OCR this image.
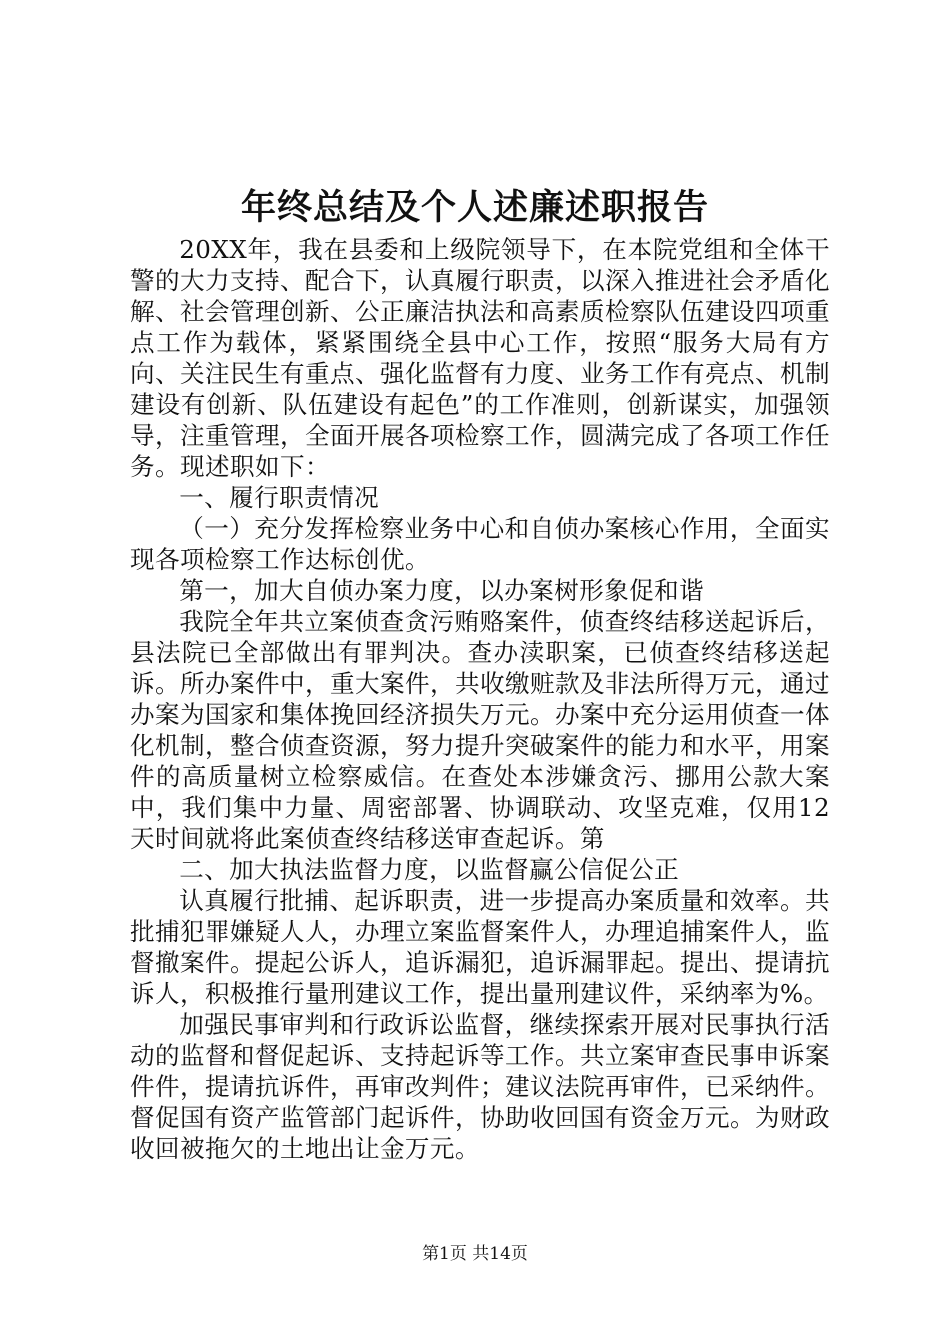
年终总结及个人述廉述职报告

20XX年，我在县委和上级院领导下，在本院党组和全体干警的大力支持、配合下，认真履行职责，以深入推进社会矛盾化解、社会管理创新、公正廉洁执法和高素质检察队伍建设四项重点工作为载体，紧紧围绕全县中心工作，按照“服务大局有方向、关注民生有重点、强化监督有力度、业务工作有亮点、机制建设有创新、队伍建设有起色”的工作准则，创新谋实，加强领导，注重管理，全面开展各项检察工作，圆满完成了各项工作任务。现述职如下：

一、履行职责情况

（一）充分发挥检察业务中心和自侦办案核心作用，全面实现各项检察工作达标创优。

第一，加大自侦办案力度，以办案树形象促和谐

我院全年共立案侦查贪污贿赂案件，侦查终结移送起诉后，县法院已全部做出有罪判决。查办渎职案，已侦查终结移送起诉。所办案件中，重大案件，共收缴赃款及非法所得万元，通过办案为国家和集体挽回经济损失万元。办案中充分运用侦查一体化机制，整合侦查资源，努力提升突破案件的能力和水平，用案件的高质量树立检察威信。在查处本涉嫌贪污、挪用公款大案中，我们集中力量、周密部署、协调联动、攻坚克难，仅用12天时间就将此案侦查终结移送审查起诉。第

二、加大执法监督力度，以监督赢公信促公正

认真履行批捕、起诉职责，进一步提高办案质量和效率。共批捕犯罪嫌疑人人，办理立案监督案件人，办理追捕案件人，监督撤案件。提起公诉人，追诉漏犯，追诉漏罪起。提出、提请抗诉人，积极推行量刑建议工作，提出量刑建议件，采纳率为%。

加强民事审判和行政诉讼监督，继续探索开展对民事执行活动的监督和督促起诉、支持起诉等工作。共立案审查民事申诉案件件，提请抗诉件，再审改判件；建议法院再审件，已采纳件。督促国有资产监管部门起诉件，协助收回国有资金万元。为财政收回被拖欠的土地出让金万元。

第1页 共14页
